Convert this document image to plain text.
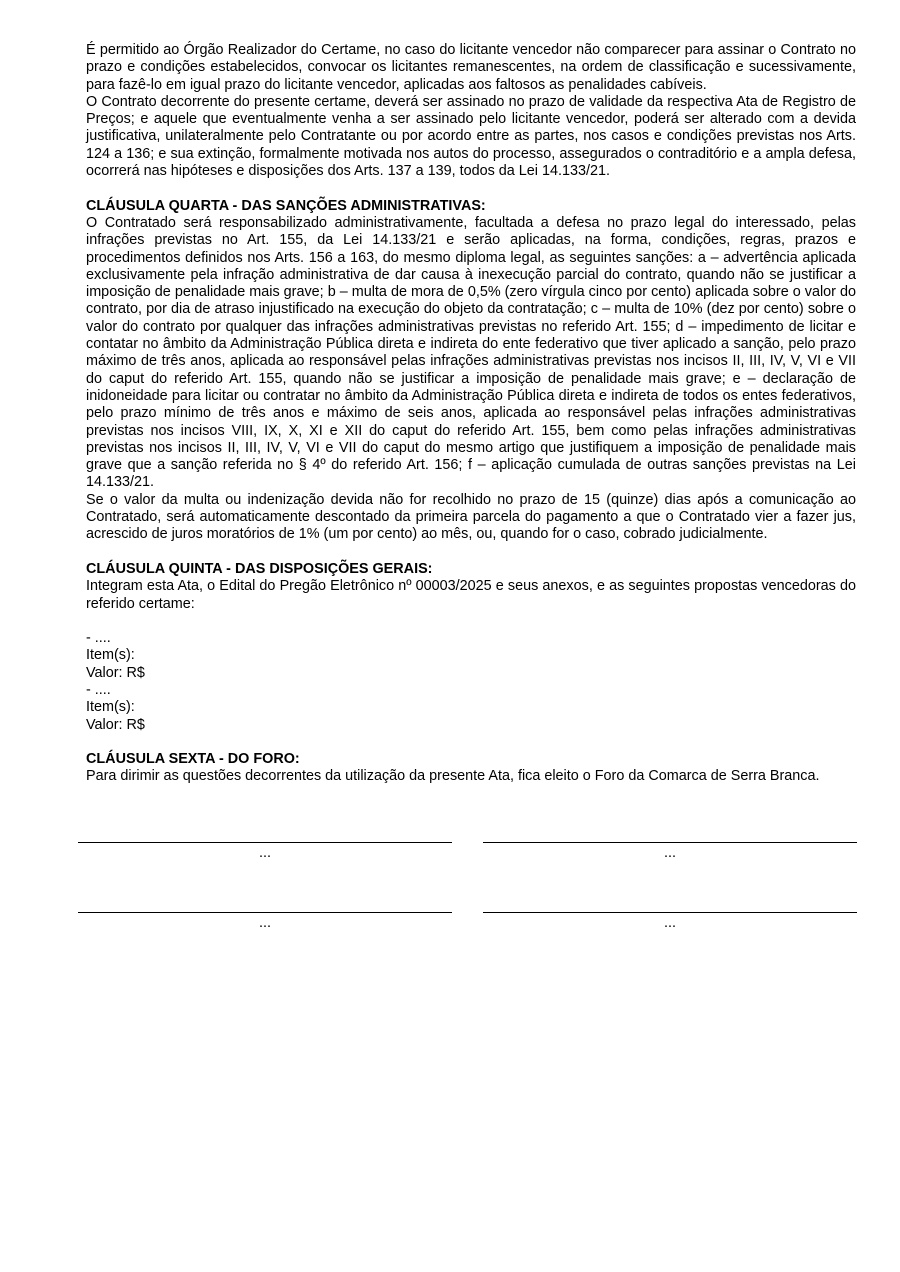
É permitido ao Órgão Realizador do Certame, no caso do licitante vencedor não comparecer para assinar o Contrato no prazo e condições estabelecidos, convocar os licitantes remanescentes, na ordem de classificação e sucessivamente, para fazê-lo em igual prazo do licitante vencedor, aplicadas aos faltosos as penalidades cabíveis.

O Contrato decorrente do presente certame, deverá ser assinado no prazo de validade da respectiva Ata de Registro de Preços; e aquele que eventualmente venha a ser assinado pelo licitante vencedor, poderá ser alterado com a devida justificativa, unilateralmente pelo Contratante ou por acordo entre as partes, nos casos e condições previstas nos Arts. 124 a 136; e sua extinção, formalmente motivada nos autos do processo, assegurados o contraditório e a ampla defesa, ocorrerá nas hipóteses e disposições dos Arts. 137 a 139, todos da Lei 14.133/21.

CLÁUSULA QUARTA - DAS SANÇÕES ADMINISTRATIVAS:

O Contratado será responsabilizado administrativamente, facultada a defesa no prazo legal do interessado, pelas infrações previstas no Art. 155, da Lei 14.133/21 e serão aplicadas, na forma, condições, regras, prazos e procedimentos definidos nos Arts. 156 a 163, do mesmo diploma legal, as seguintes sanções: a – advertência aplicada exclusivamente pela infração administrativa de dar causa à inexecução parcial do contrato, quando não se justificar a imposição de penalidade mais grave; b – multa de mora de 0,5% (zero vírgula cinco por cento) aplicada sobre o valor do contrato, por dia de atraso injustificado na execução do objeto da contratação; c – multa de 10% (dez por cento) sobre o valor do contrato por qualquer das infrações administrativas previstas no referido Art. 155; d – impedimento de licitar e contatar no âmbito da Administração Pública direta e indireta do ente federativo que tiver aplicado a sanção, pelo prazo máximo de três anos, aplicada ao responsável pelas infrações administrativas previstas nos incisos II, III, IV, V, VI e VII do caput do referido Art. 155, quando não se justificar a imposição de penalidade mais grave; e – declaração de inidoneidade para licitar ou contratar no âmbito da Administração Pública direta e indireta de todos os entes federativos, pelo prazo mínimo de três anos e máximo de seis anos, aplicada ao responsável pelas infrações administrativas previstas nos incisos VIII, IX, X, XI e XII do caput do referido Art. 155, bem como pelas infrações administrativas previstas nos incisos II, III, IV, V, VI e VII do caput do mesmo artigo que justifiquem a imposição de penalidade mais grave que a sanção referida no § 4º do referido Art. 156; f – aplicação cumulada de outras sanções previstas na Lei 14.133/21.

Se o valor da multa ou indenização devida não for recolhido no prazo de 15 (quinze) dias após a comunicação ao Contratado, será automaticamente descontado da primeira parcela do pagamento a que o Contratado vier a fazer jus, acrescido de juros moratórios de 1% (um por cento) ao mês, ou, quando for o caso, cobrado judicialmente.

CLÁUSULA QUINTA - DAS DISPOSIÇÕES GERAIS:

Integram esta Ata, o Edital do Pregão Eletrônico nº 00003/2025 e seus anexos, e as seguintes propostas vencedoras do referido certame:

- ....

Item(s):

Valor: R$

- ....

Item(s):

Valor: R$

CLÁUSULA SEXTA - DO FORO:

Para dirimir as questões decorrentes da utilização da presente Ata, fica eleito o Foro da Comarca de Serra Branca.

...	...
...	...
